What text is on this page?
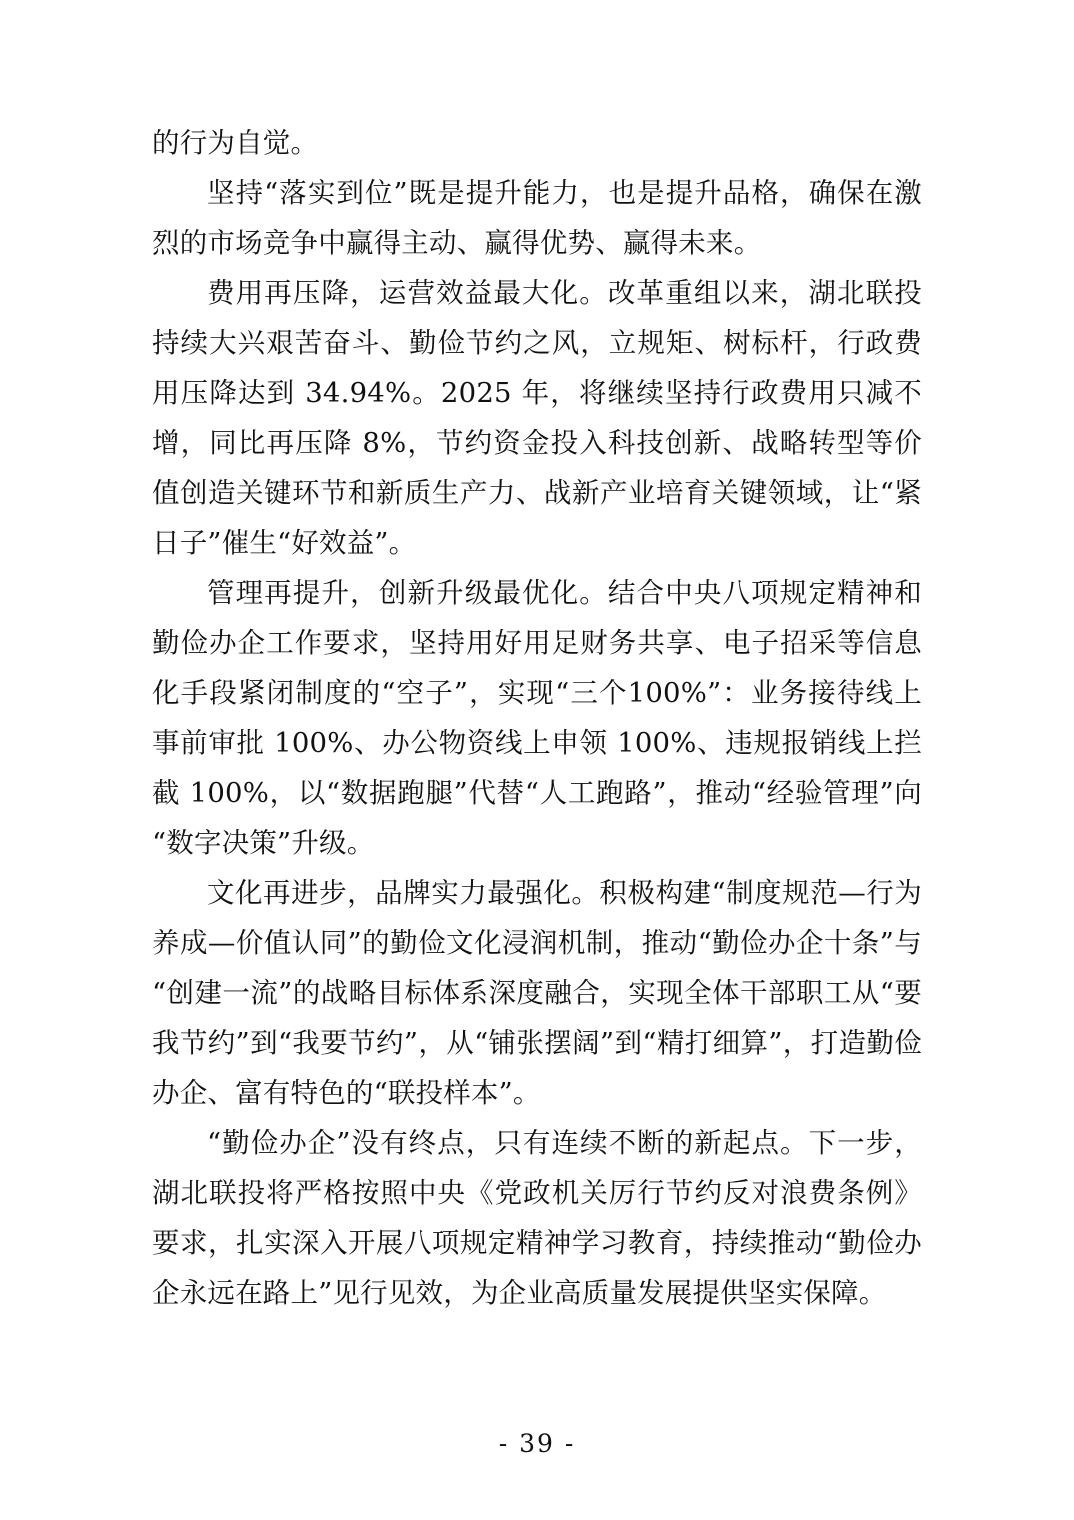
的行为自觉。

坚持“落实到位”既是提升能力，也是提升品格，确保在激烈的市场竞争中赢得主动、赢得优势、赢得未来。

费用再压降，运营效益最大化。改革重组以来，湖北联投持续大兴艰苦奋斗、勤俭节约之风，立规矩、树标杆，行政费用压降达到 34.94%。2025 年，将继续坚持行政费用只减不增，同比再压降 8%，节约资金投入科技创新、战略转型等价值创造关键环节和新质生产力、战新产业培育关键领域，让“紧日子”催生“好效益”。

管理再提升，创新升级最优化。结合中央八项规定精神和勤俭办企工作要求，坚持用好用足财务共享、电子招采等信息化手段紧闭制度的“空子”，实现“三个100%”：业务接待线上事前审批 100%、办公物资线上申领 100%、违规报销线上拦截 100%，以“数据跑腿”代替“人工跑路”，推动“经验管理”向“数字决策”升级。

文化再进步，品牌实力最强化。积极构建“制度规范—行为养成—价值认同”的勤俭文化浸润机制，推动“勤俭办企十条”与“创建一流”的战略目标体系深度融合，实现全体干部职工从“要我节约”到“我要节约”，从“铺张摆阔”到“精打细算”，打造勤俭办企、富有特色的“联投样本”。

“勤俭办企”没有终点，只有连续不断的新起点。下一步，湖北联投将严格按照中央《党政机关厉行节约反对浪费条例》要求，扎实深入开展八项规定精神学习教育，持续推动“勤俭办企永远在路上”见行见效，为企业高质量发展提供坚实保障。

- 39 -
